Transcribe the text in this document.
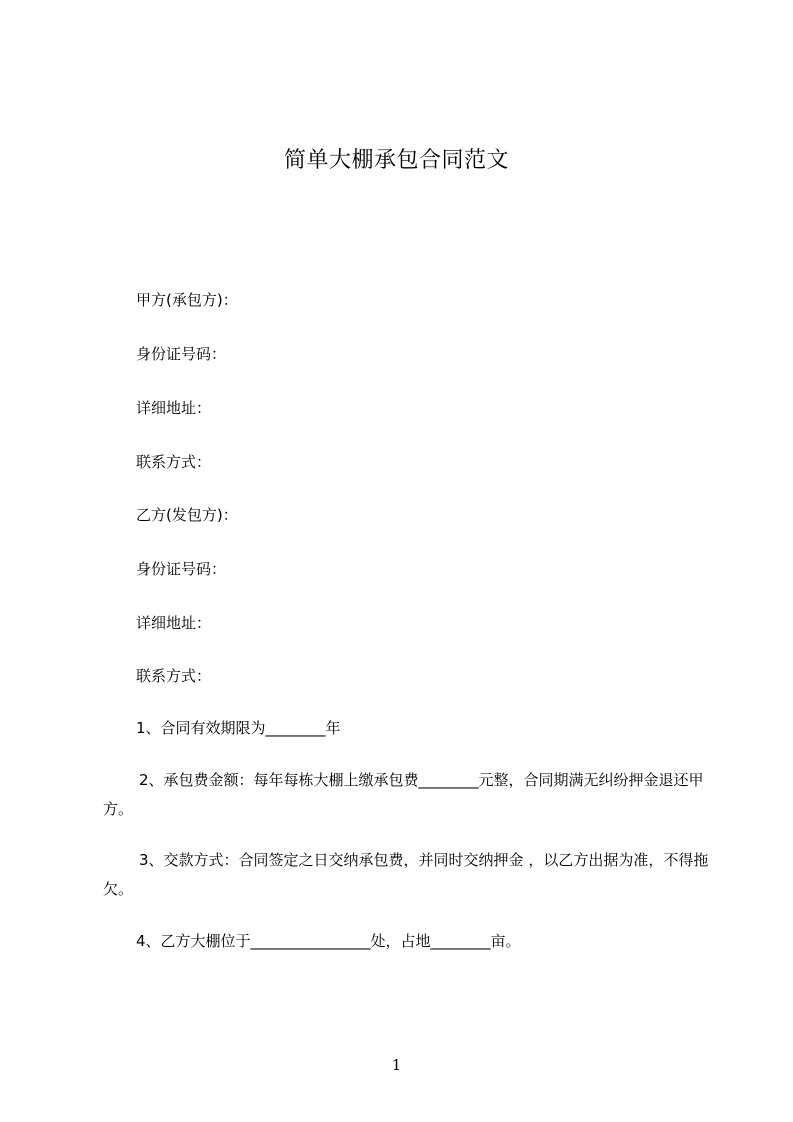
简单大棚承包合同范文
甲方(承包方)：
身份证号码：
详细地址：
联系方式：
乙方(发包方)：
身份证号码：
详细地址：
联系方式：
1、合同有效期限为________年
2、承包费金额：每年每栋大棚上缴承包费________元整，合同期满无纠纷押金退还甲方。
3、交款方式：合同签定之日交纳承包费，并同时交纳押金 ，以乙方出据为准，不得拖欠。
4、乙方大棚位于________________处，占地________亩。
1
